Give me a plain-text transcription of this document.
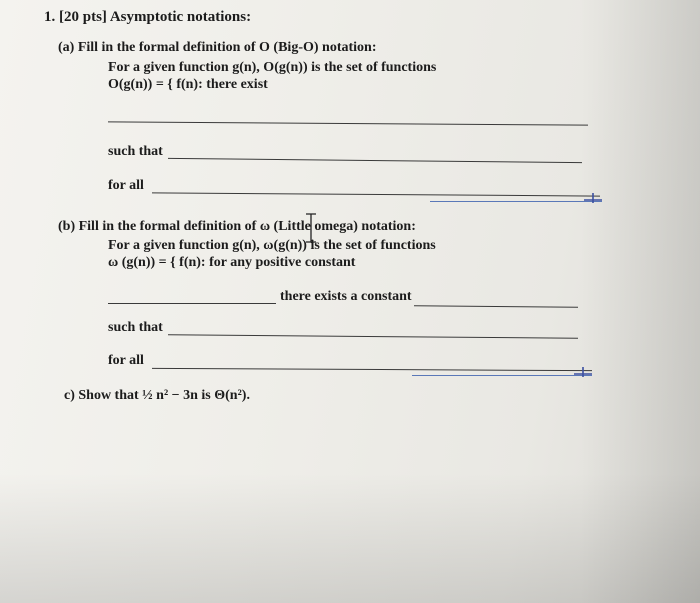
1. [20 pts] Asymptotic notations:
(a) Fill in the formal definition of O (Big-O) notation:
For a given function g(n), O(g(n)) is the set of functions
O(g(n)) = { f(n): there exist
such that
for all
(b) Fill in the formal definition of ω (Little omega) notation:
For a given function g(n), ω(g(n)) is the set of functions
ω (g(n)) = { f(n): for any positive constant
there exists a constant
such that
for all
c) Show that ½ n² − 3n is Θ(n²).
